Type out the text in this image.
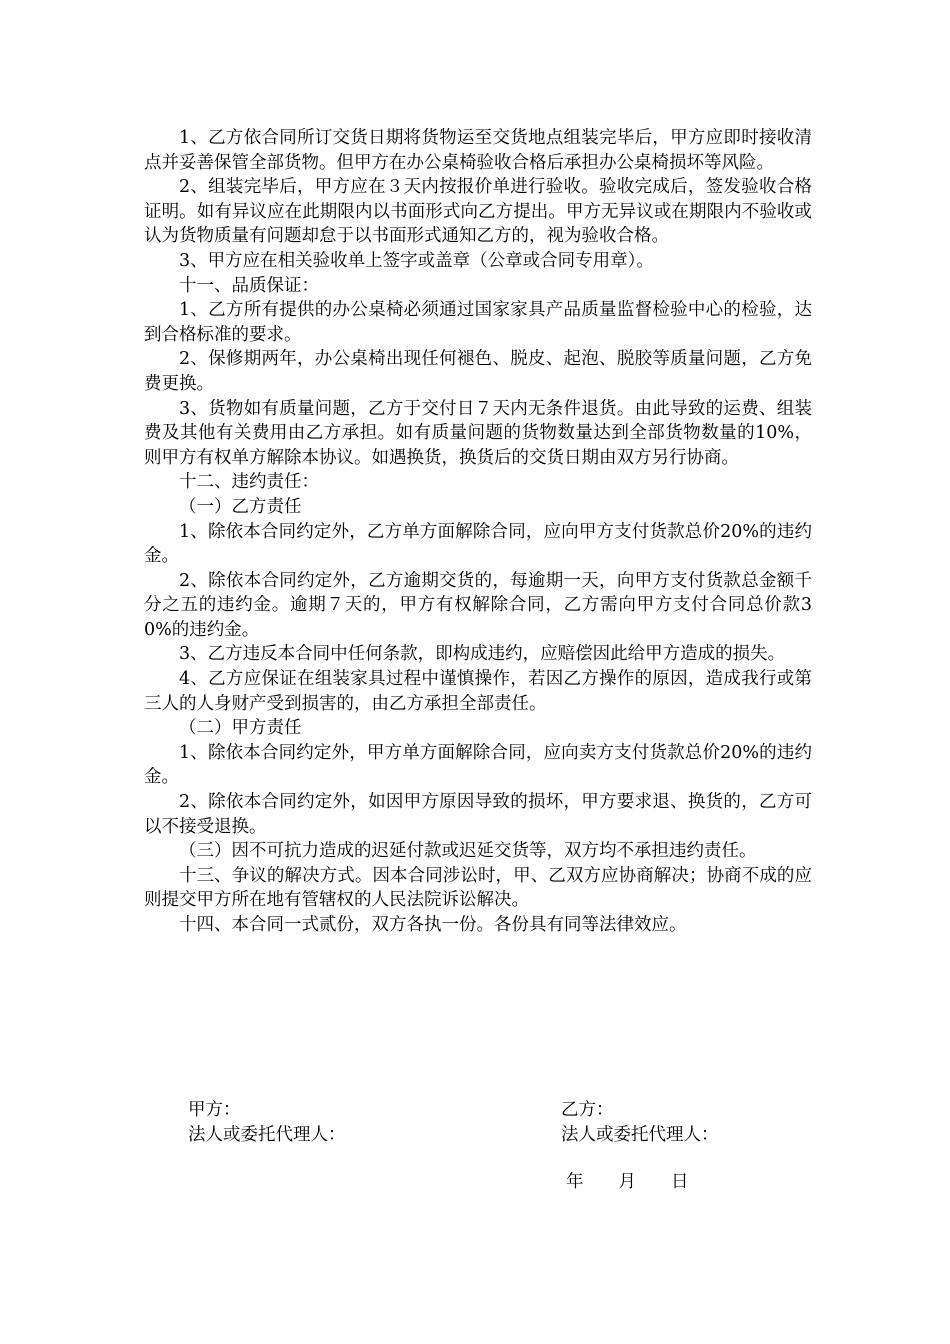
1、乙方依合同所订交货日期将货物运至交货地点组装完毕后，甲方应即时接收清点并妥善保管全部货物。但甲方在办公桌椅验收合格后承担办公桌椅损坏等风险。

2、组装完毕后，甲方应在３天内按报价单进行验收。验收完成后，签发验收合格证明。如有异议应在此期限内以书面形式向乙方提出。甲方无异议或在期限内不验收或认为货物质量有问题却怠于以书面形式通知乙方的，视为验收合格。

3、甲方应在相关验收单上签字或盖章（公章或合同专用章）。

十一、品质保证：

1、乙方所有提供的办公桌椅必须通过国家家具产品质量监督检验中心的检验，达到合格标准的要求。

2、保修期两年，办公桌椅出现任何褪色、脱皮、起泡、脱胶等质量问题，乙方免费更换。

3、货物如有质量问题，乙方于交付日７天内无条件退货。由此导致的运费、组装费及其他有关费用由乙方承担。如有质量问题的货物数量达到全部货物数量的10%，则甲方有权单方解除本协议。如遇换货，换货后的交货日期由双方另行协商。

十二、违约责任：

（一）乙方责任

1、除依本合同约定外，乙方单方面解除合同，应向甲方支付货款总价20%的违约金。

2、除依本合同约定外，乙方逾期交货的，每逾期一天，向甲方支付货款总金额千分之五的违约金。逾期７天的，甲方有权解除合同，乙方需向甲方支付合同总价款30%的违约金。

3、乙方违反本合同中任何条款，即构成违约，应赔偿因此给甲方造成的损失。

4、乙方应保证在组装家具过程中谨慎操作，若因乙方操作的原因，造成我行或第三人的人身财产受到损害的，由乙方承担全部责任。

（二）甲方责任

1、除依本合同约定外，甲方单方面解除合同，应向卖方支付货款总价20%的违约金。

2、除依本合同约定外，如因甲方原因导致的损坏，甲方要求退、换货的，乙方可以不接受退换。

（三）因不可抗力造成的迟延付款或迟延交货等，双方均不承担违约责任。

十三、争议的解决方式。因本合同涉讼时，甲、乙双方应协商解决；协商不成的应则提交甲方所在地有管辖权的人民法院诉讼解决。

十四、本合同一式贰份，双方各执一份。各份具有同等法律效应。

甲方：
法人或委托代理人：
乙方：
法人或委托代理人：
年　　月　　日
